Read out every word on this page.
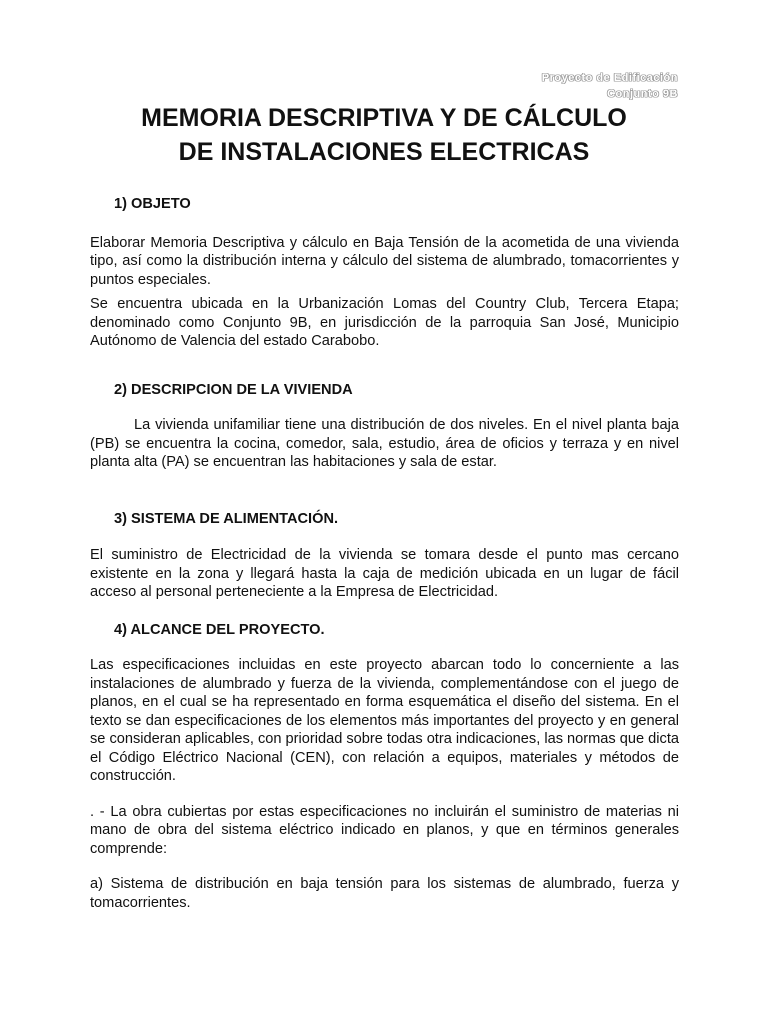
Proyecto de Edificación
Conjunto 9B
MEMORIA DESCRIPTIVA Y DE CÁLCULO
DE INSTALACIONES ELECTRICAS
1) OBJETO

Elaborar Memoria Descriptiva y cálculo en Baja Tensión de la acometida de una vivienda tipo, así como la distribución interna y cálculo del sistema de alumbrado, tomacorrientes y puntos especiales.

Se encuentra ubicada en la Urbanización Lomas del Country Club, Tercera Etapa; denominado como Conjunto 9B, en jurisdicción de la parroquia San José, Municipio Autónomo de Valencia del estado Carabobo.

2) DESCRIPCION DE LA VIVIENDA

La vivienda unifamiliar tiene una distribución de dos niveles. En el nivel planta baja (PB) se encuentra la cocina, comedor, sala, estudio, área de oficios y terraza y en nivel planta alta (PA) se encuentran las habitaciones y sala de estar.

3) SISTEMA DE ALIMENTACIÓN.

El suministro de Electricidad de la vivienda se tomara desde el punto mas cercano existente en la zona y llegará hasta la caja de medición ubicada en un lugar de fácil acceso al personal perteneciente a la Empresa de Electricidad.

4) ALCANCE DEL PROYECTO.

Las especificaciones incluidas en este proyecto abarcan todo lo concerniente a las instalaciones de alumbrado y fuerza de la vivienda, complementándose con el juego de planos, en el cual se ha representado en forma esquemática el diseño del sistema. En el texto se dan especificaciones de los elementos más importantes del proyecto y en general se consideran aplicables, con prioridad sobre todas otra indicaciones, las normas que dicta el Código Eléctrico Nacional (CEN), con relación a equipos, materiales y métodos de construcción.

. - La obra cubiertas por estas especificaciones no incluirán el suministro de materias ni mano de obra del sistema eléctrico indicado en planos, y que en términos generales comprende:

a) Sistema de distribución en baja tensión para los sistemas de alumbrado, fuerza y tomacorrientes.
